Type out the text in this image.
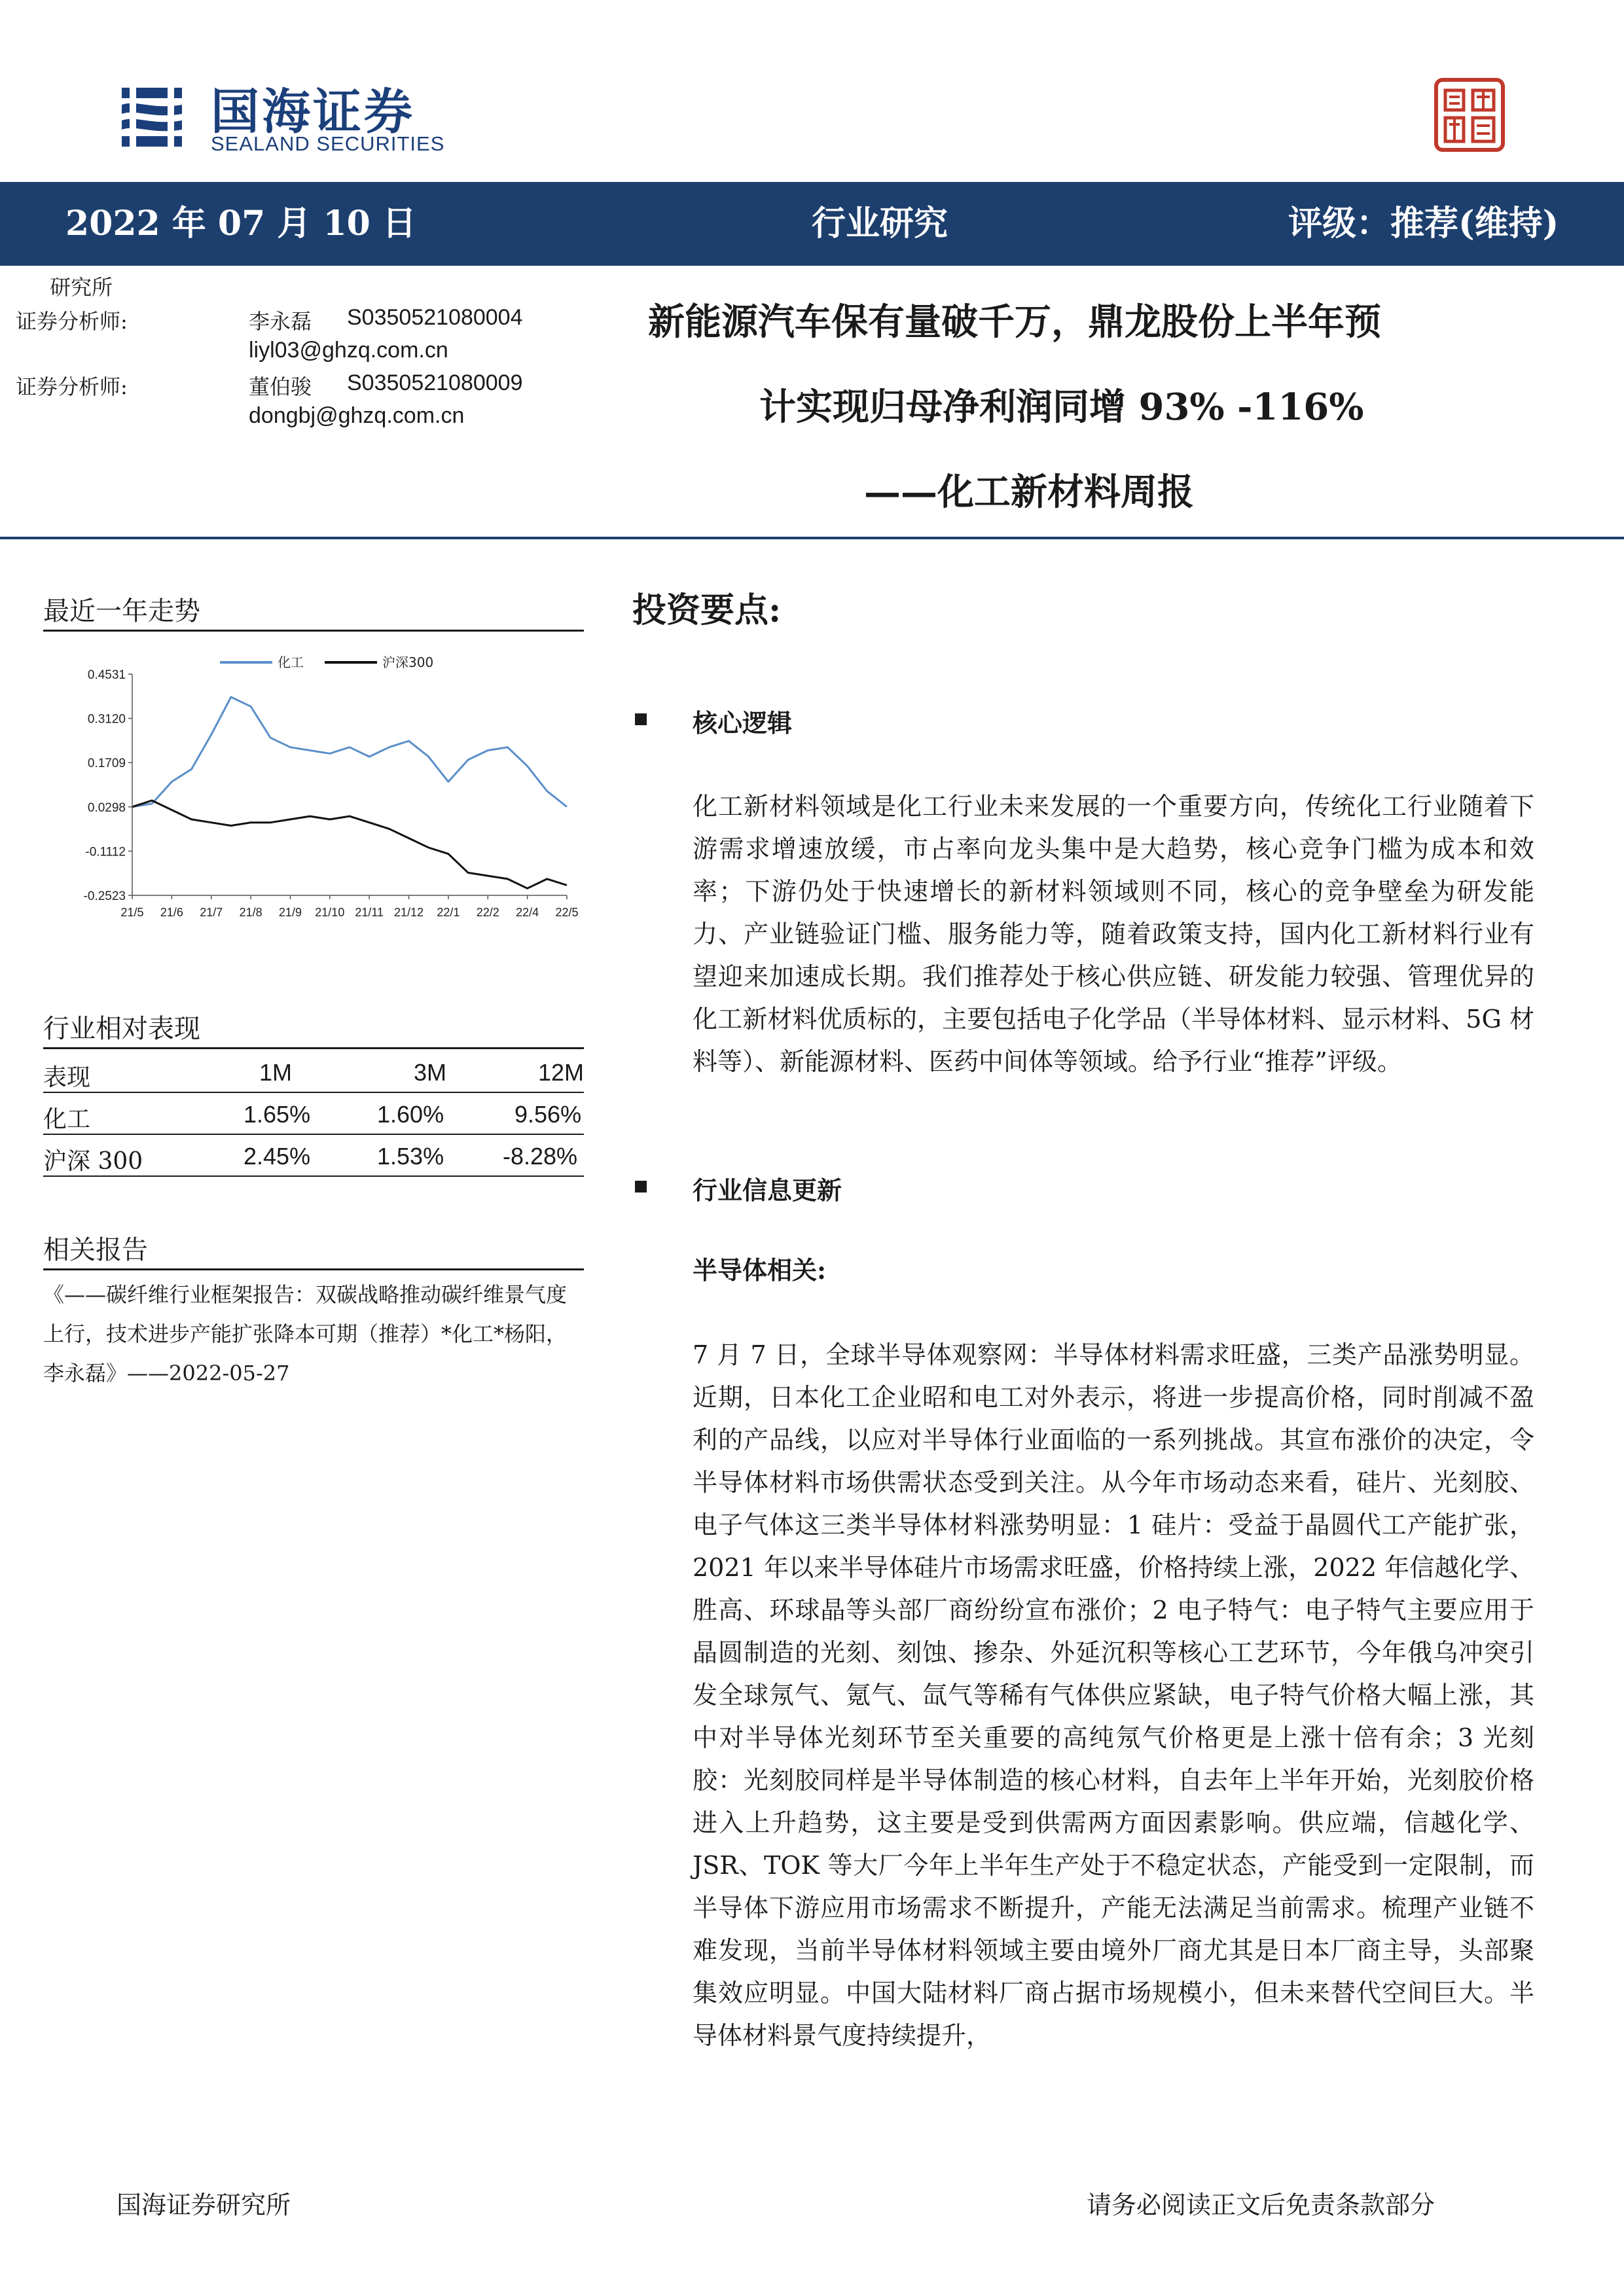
国海证券
SEALAND SECURITIES
2022 年 07 月 10 日	行业研究	评级：推荐(维持)
研究所
证券分析师:	李永磊 S0350521080004
liyl03@ghzq.com.cn
证券分析师:	董伯骏 S0350521080009
dongbj@ghzq.com.cn
新能源汽车保有量破千万，鼎龙股份上半年预
计实现归母净利润同增 93% -116%
——化工新材料周报
最近一年走势
化工	沪深300
0.4531
0.3120
0.1709
0.0298
-0.1112
-0.2523
21/5 21/6 21/7 21/8 21/9 21/10 21/11 21/12 22/1 22/2 22/4 22/5
行业相对表现
表现	1M	3M	12M
化工	1.65%	1.60%	9.56%
沪深 300	2.45%	1.53% -8.28%
相关报告
《——碳纤维行业框架报告：双碳战略推动碳纤维景气度上行，技术进步产能扩张降本可期（推荐）*化工*杨阳，李永磊》——2022-05-27
投资要点:
核心逻辑
化工新材料领域是化工行业未来发展的一个重要方向，传统化工行业随着下游需求增速放缓，市占率向龙头集中是大趋势，核心竞争门槛为成本和效率；下游仍处于快速增长的新材料领域则不同，核心的竞争壁垒为研发能力、产业链验证门槛、服务能力等，随着政策支持，国内化工新材料行业有望迎来加速成长期。我们推荐处于核心供应链、研发能力较强、管理优异的化工新材料优质标的，主要包括电子化学品（半导体材料、显示材料、5G 材料等）、新能源材料、医药中间体等领域。给予行业“推荐”评级。
行业信息更新
半导体相关:
7 月 7 日，全球半导体观察网：半导体材料需求旺盛，三类产品涨势明显。近期，日本化工企业昭和电工对外表示，将进一步提高价格，同时削减不盈利的产品线，以应对半导体行业面临的一系列挑战。其宣布涨价的决定，令半导体材料市场供需状态受到关注。从今年市场动态来看，硅片、光刻胶、电子气体这三类半导体材料涨势明显：1 硅片：受益于晶圆代工产能扩张，2021 年以来半导体硅片市场需求旺盛，价格持续上涨，2022 年信越化学、胜高、环球晶等头部厂商纷纷宣布涨价；2 电子特气：电子特气主要应用于晶圆制造的光刻、刻蚀、掺杂、外延沉积等核心工艺环节，今年俄乌冲突引发全球氖气、氪气、氙气等稀有气体供应紧缺，电子特气价格大幅上涨，其中对半导体光刻环节至关重要的高纯氖气价格更是上涨十倍有余；3 光刻胶：光刻胶同样是半导体制造的核心材料，自去年上半年开始，光刻胶价格进入上升趋势，这主要是受到供需两方面因素影响。供应端，信越化学、JSR、TOK 等大厂今年上半年生产处于不稳定状态，产能受到一定限制，而半导体下游应用市场需求不断提升，产能无法满足当前需求。梳理产业链不难发现，当前半导体材料领域主要由境外厂商尤其是日本厂商主导，头部聚集效应明显。中国大陆材料厂商占据市场规模小，但未来替代空间巨大。半导体材料景气度持续提升，
国海证券研究所	请务必阅读正文后免责条款部分
